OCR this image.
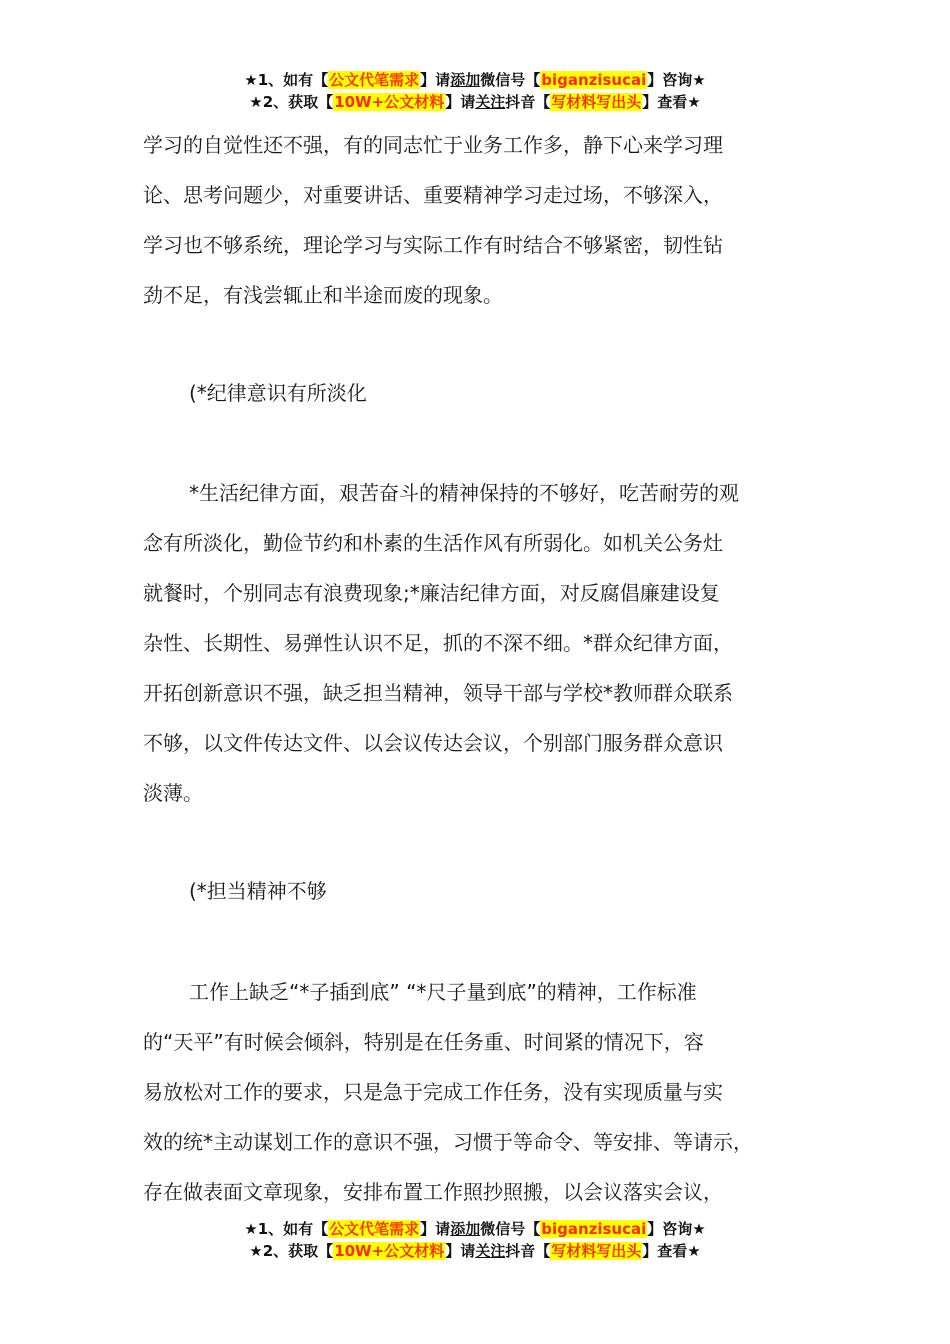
★1、如有【公文代笔需求】请添加微信号【biganzisucai】咨询★
★2、获取【10W+公文材料】请关注抖音【写材料写出头】查看★

学习的自觉性还不强，有的同志忙于业务工作多，静下心来学习理

论、思考问题少，对重要讲话、重要精神学习走过场，不够深入，

学习也不够系统，理论学习与实际工作有时结合不够紧密，韧性钻

劲不足，有浅尝辄止和半途而废的现象。

(*纪律意识有所淡化

*生活纪律方面，艰苦奋斗的精神保持的不够好，吃苦耐劳的观

念有所淡化，勤俭节约和朴素的生活作风有所弱化。如机关公务灶

就餐时，个别同志有浪费现象;*廉洁纪律方面，对反腐倡廉建设复

杂性、长期性、易弹性认识不足，抓的不深不细。*群众纪律方面，

开拓创新意识不强，缺乏担当精神，领导干部与学校*教师群众联系

不够，以文件传达文件、以会议传达会议，个别部门服务群众意识

淡薄。

(*担当精神不够

工作上缺乏“*子插到底” “*尺子量到底”的精神，工作标准

的“天平”有时候会倾斜，特别是在任务重、时间紧的情况下，容

易放松对工作的要求，只是急于完成工作任务，没有实现质量与实

效的统*主动谋划工作的意识不强，习惯于等命令、等安排、等请示，

存在做表面文章现象，安排布置工作照抄照搬，以会议落实会议，

★1、如有【公文代笔需求】请添加微信号【biganzisucai】咨询★
★2、获取【10W+公文材料】请关注抖音【写材料写出头】查看★
